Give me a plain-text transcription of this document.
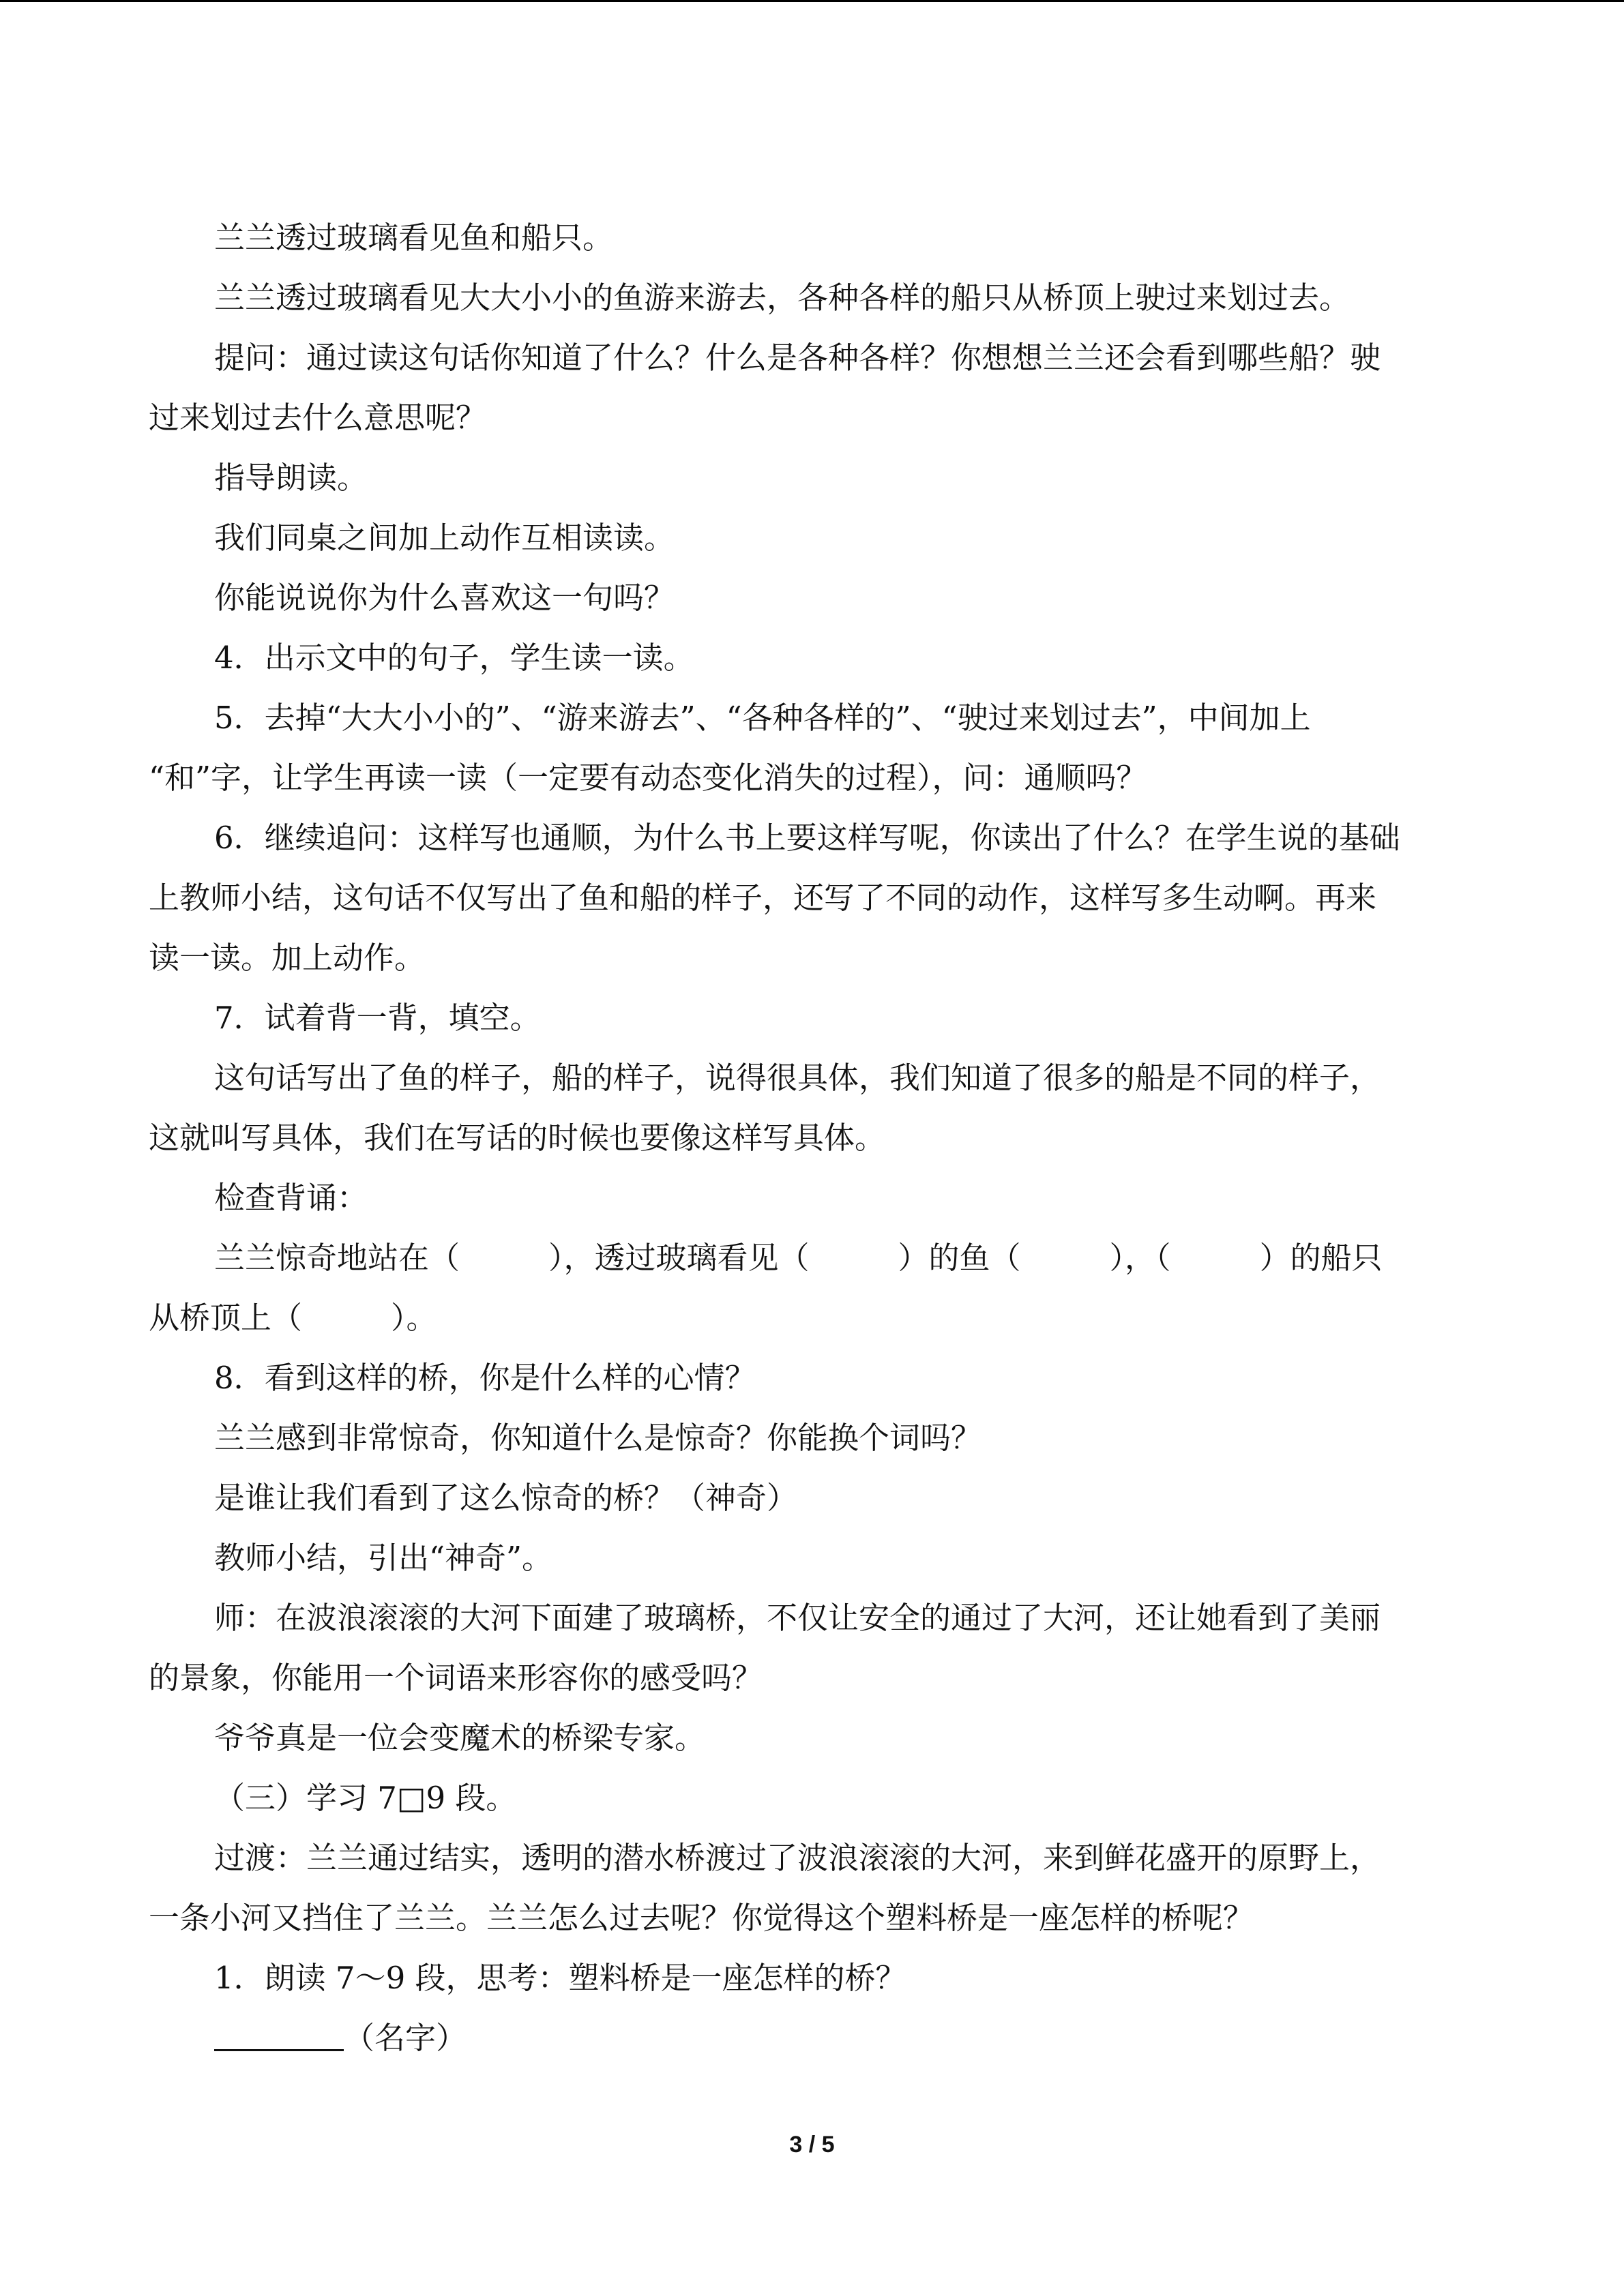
兰兰透过玻璃看见鱼和船只。

兰兰透过玻璃看见大大小小的鱼游来游去，各种各样的船只从桥顶上驶过来划过去。

提问：通过读这句话你知道了什么？什么是各种各样？你想想兰兰还会看到哪些船？驶

过来划过去什么意思呢？

指导朗读。

我们同桌之间加上动作互相读读。

你能说说你为什么喜欢这一句吗？

4．出示文中的句子，学生读一读。

5．去掉“大大小小的”、“游来游去”、“各种各样的”、“驶过来划过去”，中间加上

“和”字，让学生再读一读（一定要有动态变化消失的过程），问：通顺吗？

6．继续追问：这样写也通顺，为什么书上要这样写呢，你读出了什么？在学生说的基础

上教师小结，这句话不仅写出了鱼和船的样子，还写了不同的动作，这样写多生动啊。再来

读一读。加上动作。

7．试着背一背，填空。

这句话写出了鱼的样子，船的样子，说得很具体，我们知道了很多的船是不同的样子，

这就叫写具体，我们在写话的时候也要像这样写具体。

检查背诵：

兰兰惊奇地站在（	），透过玻璃看见（	）的鱼（	），（	）的船只

从桥顶上（	）。

8．看到这样的桥，你是什么样的心情？

兰兰感到非常惊奇，你知道什么是惊奇？你能换个词吗？

是谁让我们看到了这么惊奇的桥？（神奇）

教师小结，引出“神奇”。

师：在波浪滚滚的大河下面建了玻璃桥，不仅让安全的通过了大河，还让她看到了美丽

的景象，你能用一个词语来形容你的感受吗？

爷爷真是一位会变魔术的桥梁专家。

（三）学习 7□9 段。

过渡：兰兰通过结实，透明的潜水桥渡过了波浪滚滚的大河，来到鲜花盛开的原野上，

一条小河又挡住了兰兰。兰兰怎么过去呢？你觉得这个塑料桥是一座怎样的桥呢？

1．朗读 7～9 段，思考：塑料桥是一座怎样的桥？

（名字）

3 / 5
